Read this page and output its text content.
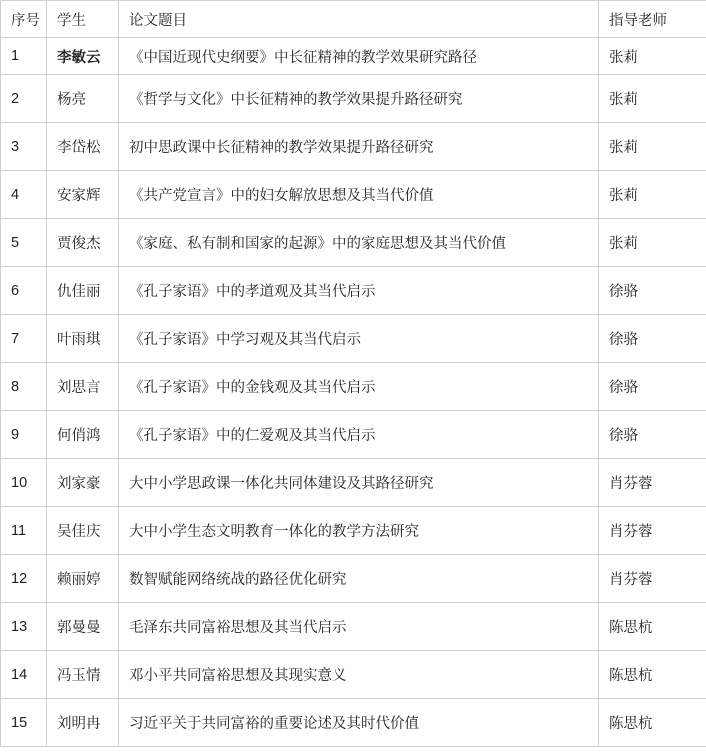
序号	学生	论文题目	指导老师
1	李敏云	《中国近现代史纲要》中长征精神的教学效果研究路径	张莉
2	杨亮	《哲学与文化》中长征精神的教学效果提升路径研究	张莉
3	李岱松	初中思政课中长征精神的教学效果提升路径研究	张莉
4	安家辉	《共产党宣言》中的妇女解放思想及其当代价值	张莉
5	贾俊杰	《家庭、私有制和国家的起源》中的家庭思想及其当代价值	张莉
6	仇佳丽	《孔子家语》中的孝道观及其当代启示	徐骆
7	叶雨琪	《孔子家语》中学习观及其当代启示	徐骆
8	刘思言	《孔子家语》中的金钱观及其当代启示	徐骆
9	何俏鸿	《孔子家语》中的仁爱观及其当代启示	徐骆
10	刘家豪	大中小学思政课一体化共同体建设及其路径研究	肖芬蓉
11	吴佳庆	大中小学生态文明教育一体化的教学方法研究	肖芬蓉
12	赖丽婷	数智赋能网络统战的路径优化研究	肖芬蓉
13	郭曼曼	毛泽东共同富裕思想及其当代启示	陈思杭
14	冯玉情	邓小平共同富裕思想及其现实意义	陈思杭
15	刘明冉	习近平关于共同富裕的重要论述及其时代价值	陈思杭
